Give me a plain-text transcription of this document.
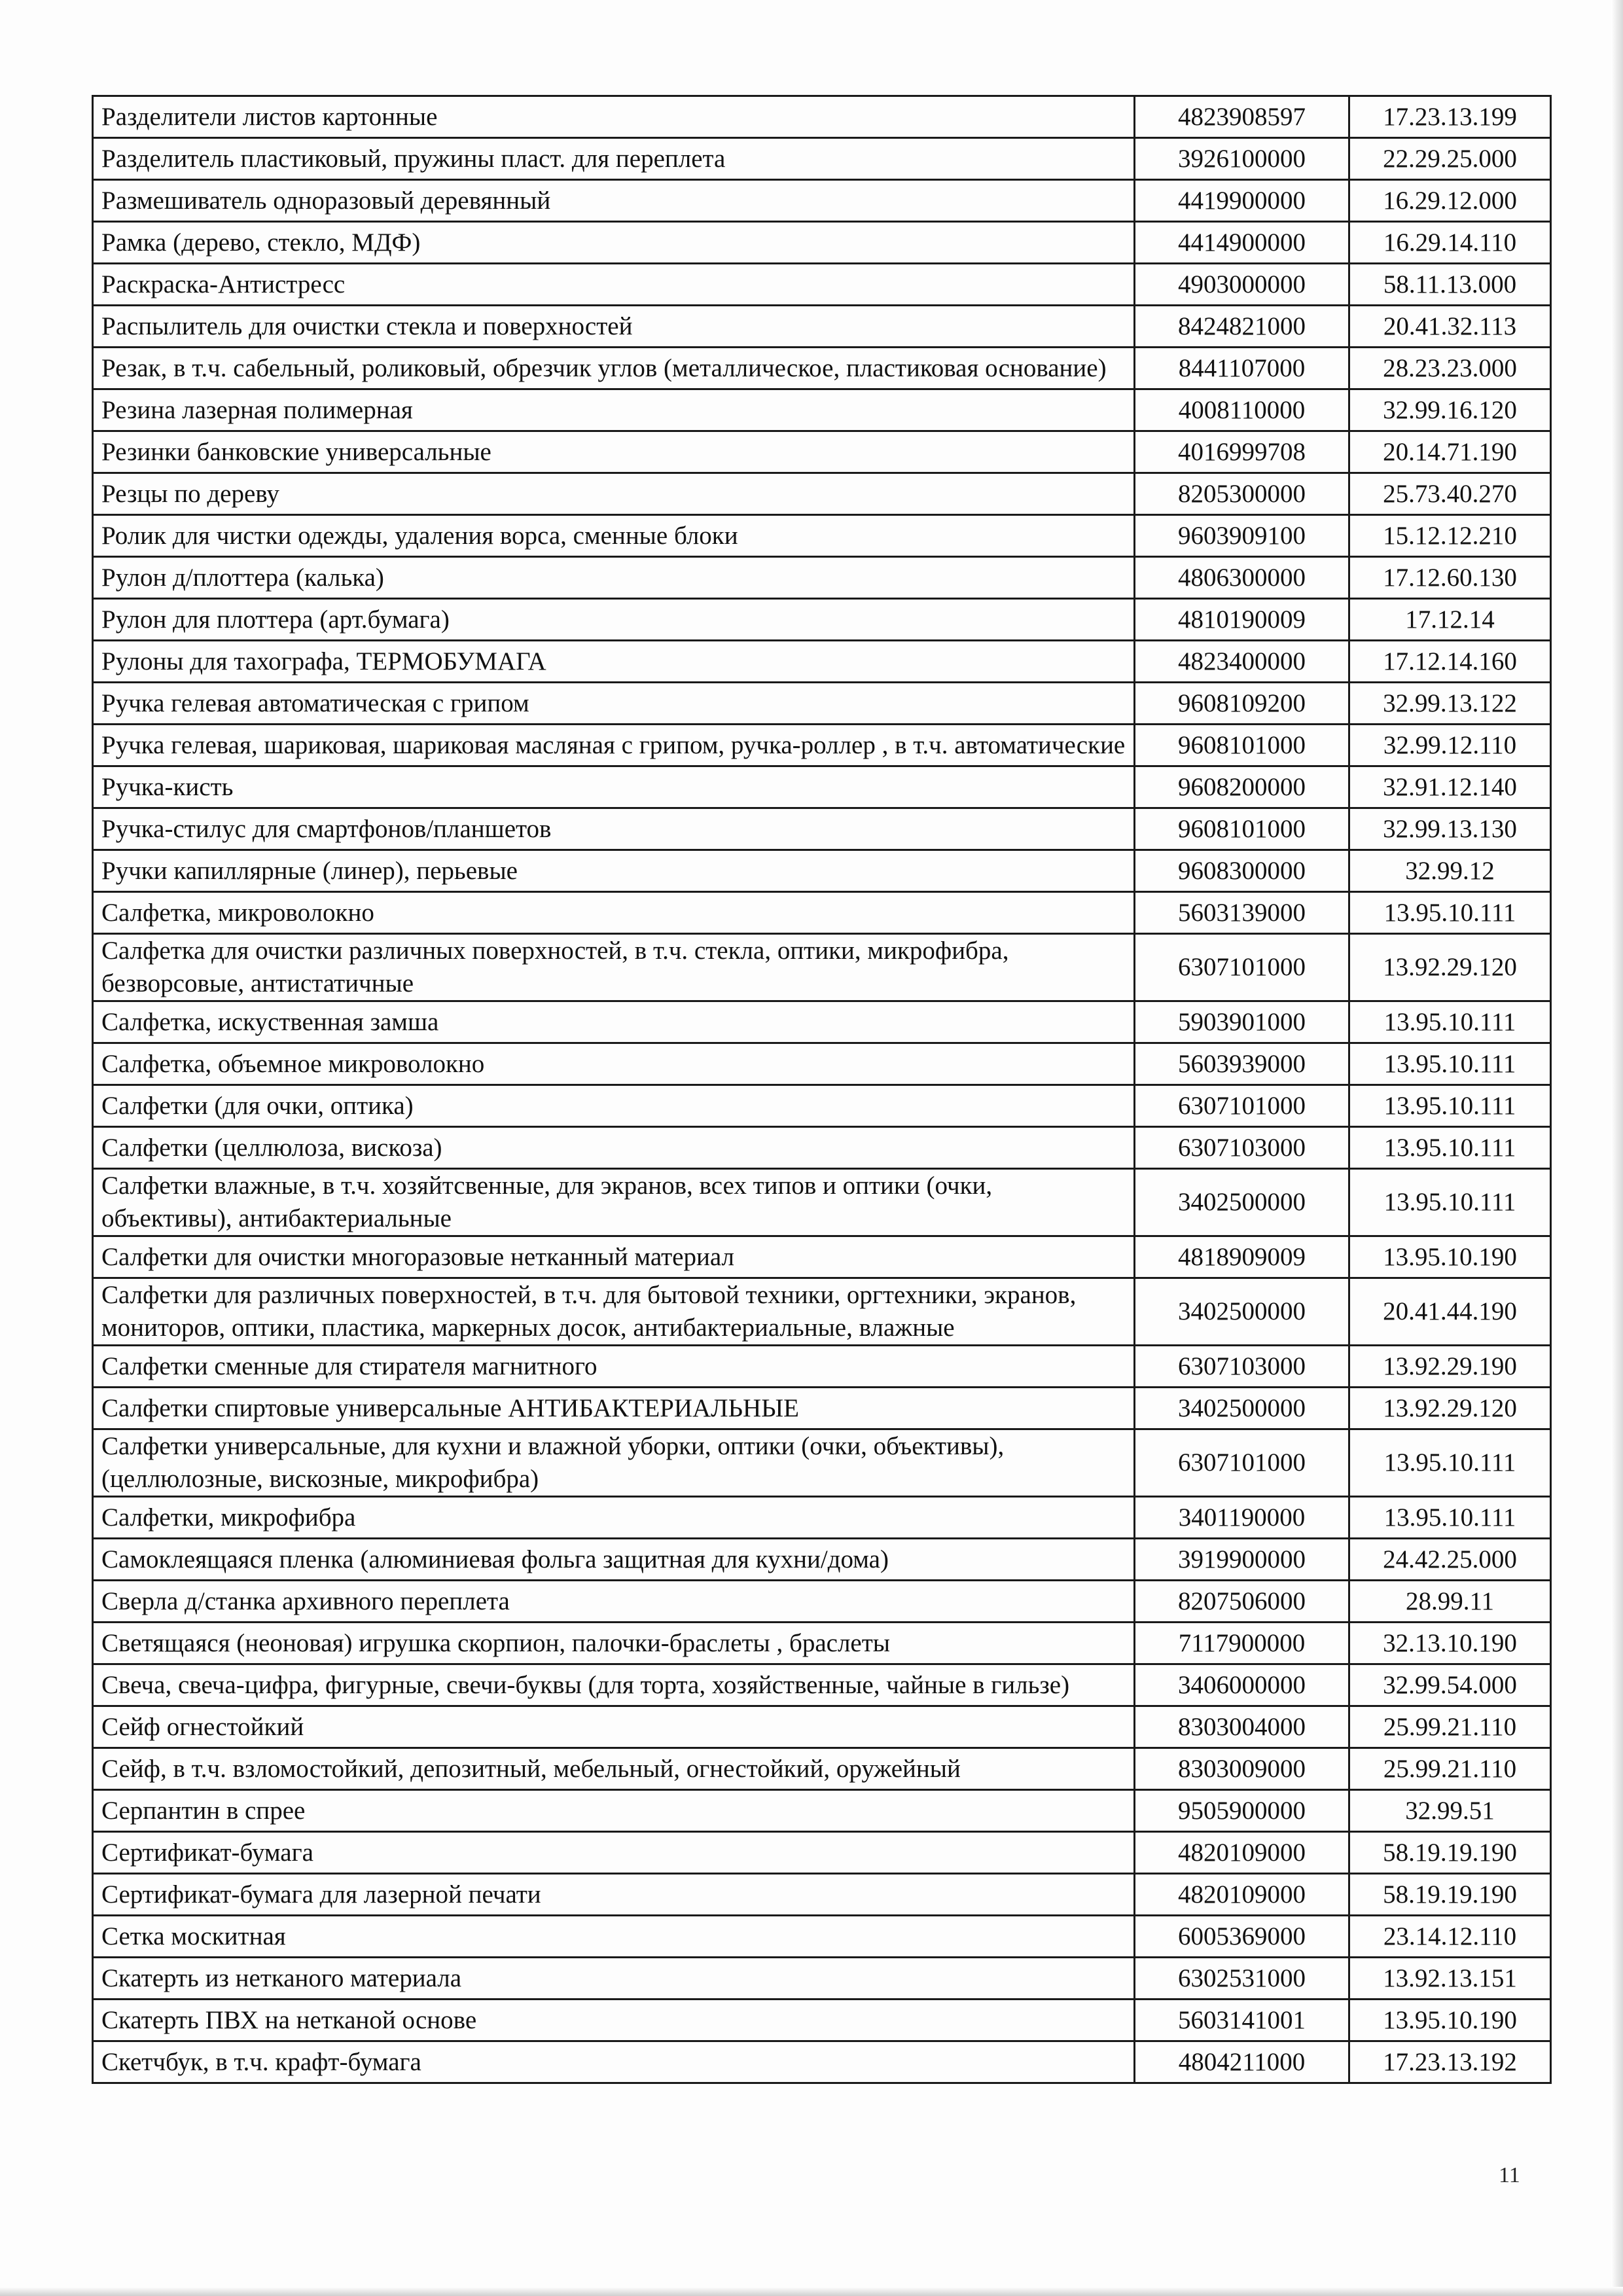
Разделители листов картонные	4823908597	17.23.13.199
Разделитель пластиковый, пружины пласт. для переплета	3926100000	22.29.25.000
Размешиватель одноразовый деревянный	4419900000	16.29.12.000
Рамка (дерево, стекло, МДФ)	4414900000	16.29.14.110
Раскраска-Антистресс	4903000000	58.11.13.000
Распылитель для очистки стекла и поверхностей	8424821000	20.41.32.113
Резак, в т.ч. сабельный, роликовый, обрезчик углов (металлическое, пластиковая основание)	8441107000	28.23.23.000
Резина лазерная полимерная	4008110000	32.99.16.120
Резинки банковские универсальные	4016999708	20.14.71.190
Резцы по дереву	8205300000	25.73.40.270
Ролик для чистки одежды, удаления ворса, сменные блоки	9603909100	15.12.12.210
Рулон д/плоттера (калька)	4806300000	17.12.60.130
Рулон для плоттера (арт.бумага)	4810190009	17.12.14
Рулоны для тахографа, ТЕРМОБУМАГА	4823400000	17.12.14.160
Ручка гелевая автоматическая с грипом	9608109200	32.99.13.122
Ручка гелевая, шариковая, шариковая масляная с грипом, ручка-роллер , в т.ч. автоматические	9608101000	32.99.12.110
Ручка-кисть	9608200000	32.91.12.140
Ручка-стилус для смартфонов/планшетов	9608101000	32.99.13.130
Ручки капиллярные (линер), перьевые	9608300000	32.99.12
Салфетка, микроволокно	5603139000	13.95.10.111
Салфетка для очистки различных поверхностей, в т.ч. стекла, оптики, микрофибра, безворсовые, антистатичные	6307101000	13.92.29.120
Салфетка, искуственная замша	5903901000	13.95.10.111
Салфетка, объемное микроволокно	5603939000	13.95.10.111
Салфетки (для очки, оптика)	6307101000	13.95.10.111
Салфетки (целлюлоза, вискоза)	6307103000	13.95.10.111
Салфетки влажные, в т.ч. хозяйтсвенные, для экранов, всех типов и оптики (очки, объективы), антибактериальные	3402500000	13.95.10.111
Салфетки для очистки многоразовые нетканный материал	4818909009	13.95.10.190
Салфетки для различных поверхностей, в т.ч. для бытовой техники, оргтехники, экранов, мониторов, оптики, пластика, маркерных досок, антибактериальные, влажные	3402500000	20.41.44.190
Салфетки сменные для стирателя магнитного	6307103000	13.92.29.190
Салфетки спиртовые универсальные АНТИБАКТЕРИАЛЬНЫЕ	3402500000	13.92.29.120
Салфетки универсальные, для кухни и влажной уборки, оптики (очки, объективы), (целлюлозные, вискозные, микрофибра)	6307101000	13.95.10.111
Салфетки, микрофибра	3401190000	13.95.10.111
Самоклеящаяся пленка (алюминиевая фольга защитная для кухни/дома)	3919900000	24.42.25.000
Сверла д/станка архивного переплета	8207506000	28.99.11
Светящаяся (неоновая) игрушка скорпион, палочки-браслеты , браслеты	7117900000	32.13.10.190
Свеча, свеча-цифра, фигурные, свечи-буквы (для торта, хозяйственные, чайные в гильзе)	3406000000	32.99.54.000
Сейф огнестойкий	8303004000	25.99.21.110
Сейф, в т.ч. взломостойкий, депозитный, мебельный, огнестойкий, оружейный	8303009000	25.99.21.110
Серпантин в спрее	9505900000	32.99.51
Сертификат-бумага	4820109000	58.19.19.190
Сертификат-бумага для лазерной печати	4820109000	58.19.19.190
Сетка москитная	6005369000	23.14.12.110
Скатерть из нетканого материала	6302531000	13.92.13.151
Скатерть ПВХ на нетканой основе	5603141001	13.95.10.190
Скетчбук, в т.ч. крафт-бумага	4804211000	17.23.13.192
11
